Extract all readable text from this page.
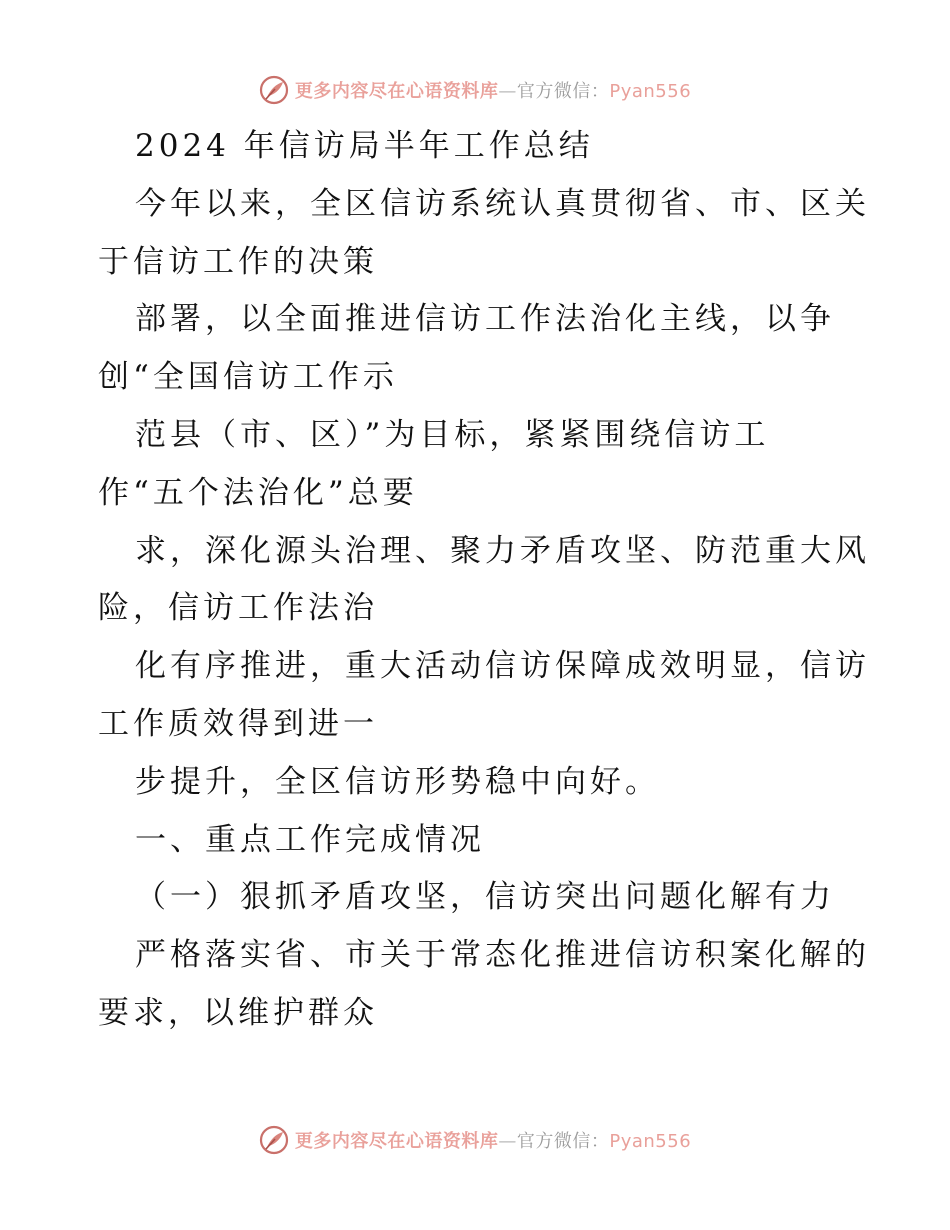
更多内容尽在心语资料库—官方微信：Pyan556
2024 年信访局半年工作总结
今年以来，全区信访系统认真贯彻省、市、区关
于信访工作的决策
部署，以全面推进信访工作法治化主线，以争
创“全国信访工作示
范县（市、区）”为目标，紧紧围绕信访工
作“五个法治化”总要
求，深化源头治理、聚力矛盾攻坚、防范重大风
险，信访工作法治
化有序推进，重大活动信访保障成效明显，信访
工作质效得到进一
步提升，全区信访形势稳中向好。
一、重点工作完成情况
（一）狠抓矛盾攻坚，信访突出问题化解有力
严格落实省、市关于常态化推进信访积案化解的
要求，以维护群众
更多内容尽在心语资料库—官方微信：Pyan556
